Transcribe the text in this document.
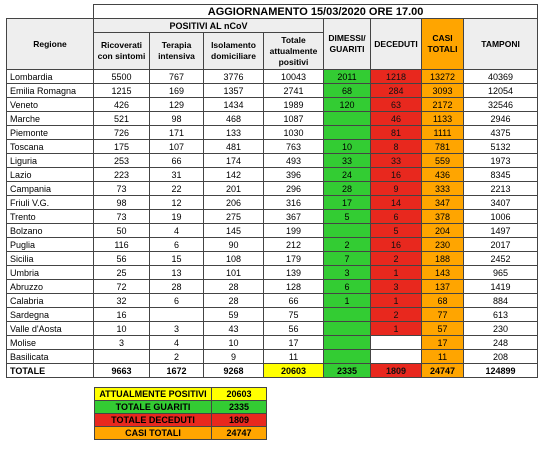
	AGGIORNAMENTO 15/03/2020 ORE 17.00							
Regione	POSITIVI AL nCoV				DIMESSI/ GUARITI	DECEDUTI	CASI TOTALI	TAMPONI
	Ricoverati con sintomi	Terapia intensiva	Isolamento domiciliare	Totale attualmente positivi				

Lombardia	5500	767	3776	10043	2011	1218	13272	40369
Emilia Romagna	1215	169	1357	2741	68	284	3093	12054
Veneto	426	129	1434	1989	120	63	2172	32546
Marche	521	98	468	1087		46	1133	2946
Piemonte	726	171	133	1030		81	1111	4375
Toscana	175	107	481	763	10	8	781	5132
Liguria	253	66	174	493	33	33	559	1973
Lazio	223	31	142	396	24	16	436	8345
Campania	73	22	201	296	28	9	333	2213
Friuli V.G.	98	12	206	316	17	14	347	3407
Trento	73	19	275	367	5	6	378	1006
Bolzano	50	4	145	199		5	204	1497
Puglia	116	6	90	212	2	16	230	2017
Sicilia	56	15	108	179	7	2	188	2452
Umbria	25	13	101	139	3	1	143	965
Abruzzo	72	28	28	128	6	3	137	1419
Calabria	32	6	28	66	1	1	68	884
Sardegna	16		59	75		2	77	613
Valle d'Aosta	10	3	43	56		1	57	230
Molise	3	4	10	17			17	248
Basilicata		2	9	11			11	208
TOTALE	9663	1672	9268	20603	2335	1809	24747	124899
ATTUALMENTE POSITIVI	20603
TOTALE GUARITI	2335
TOTALE DECEDUTI	1809
CASI TOTALI	24747
